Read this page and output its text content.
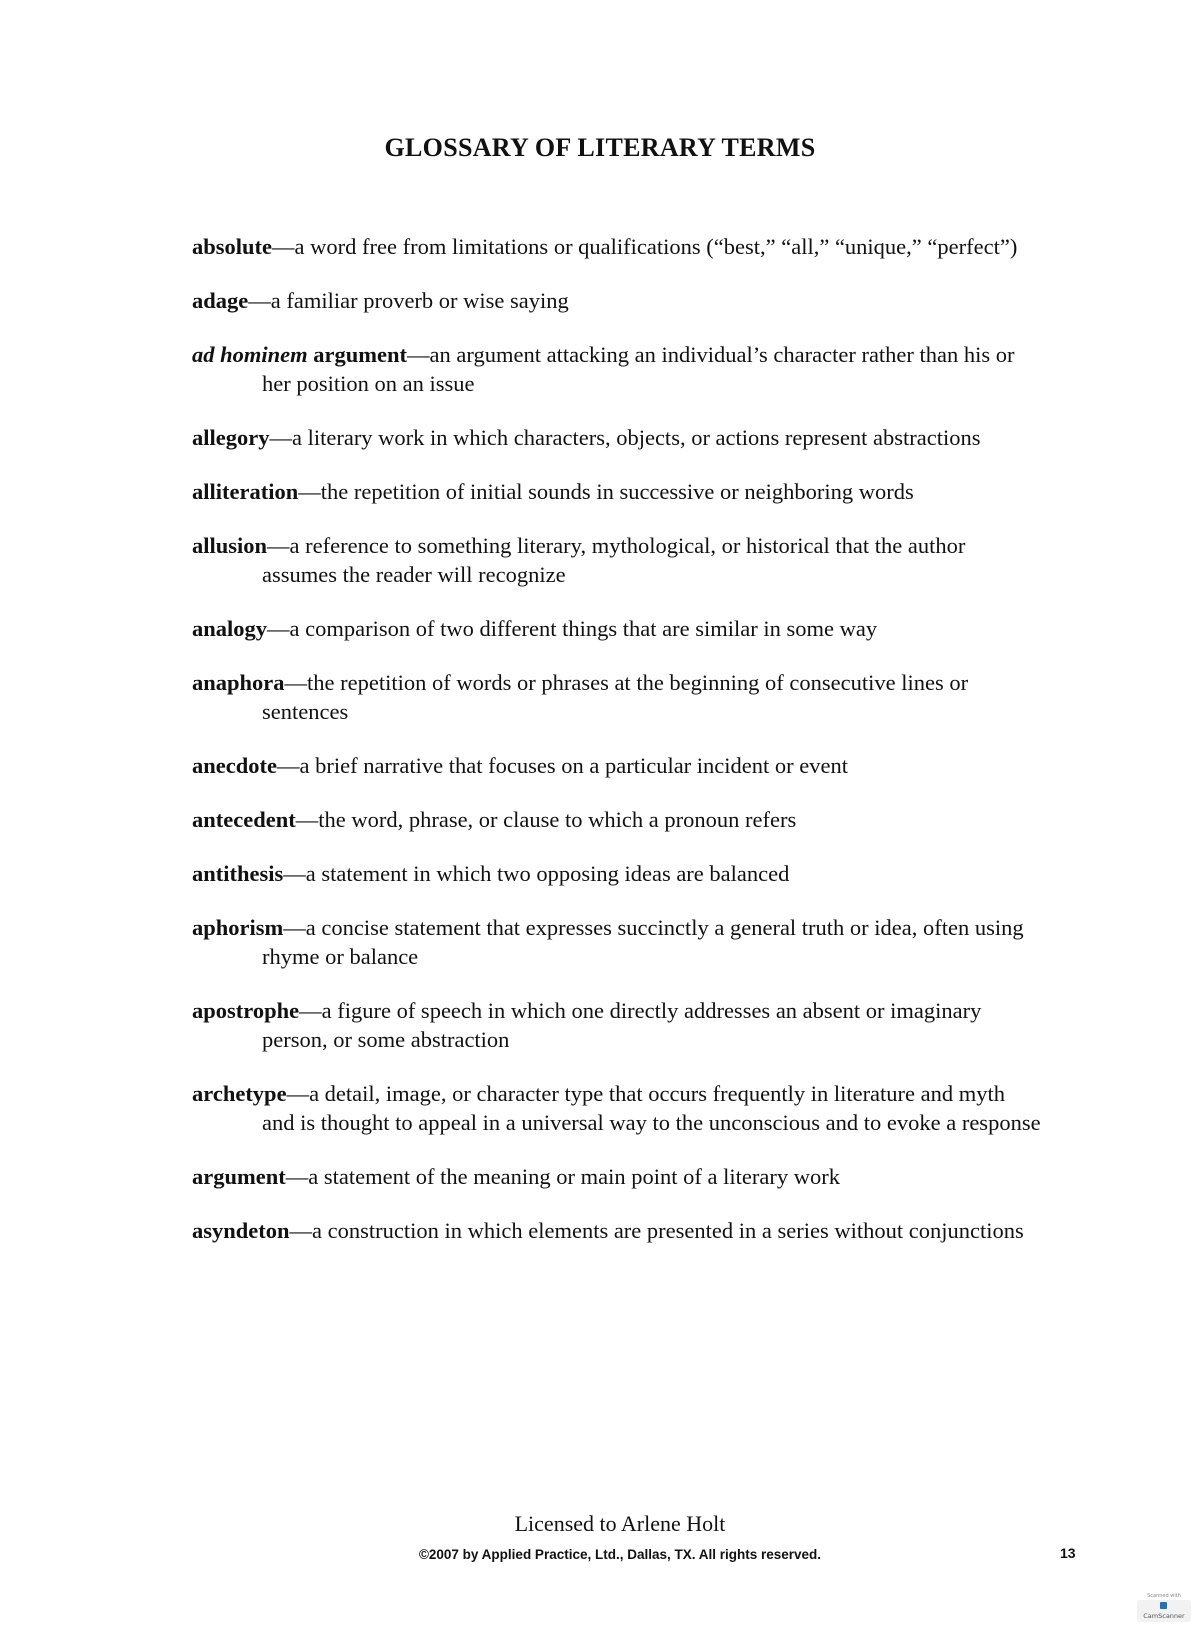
GLOSSARY OF LITERARY TERMS

absolute—a word free from limitations or qualifications (“best,” “all,” “unique,” “perfect”)

adage—a familiar proverb or wise saying

ad hominem argument—an argument attacking an individual’s character rather than his or her position on an issue

allegory—a literary work in which characters, objects, or actions represent abstractions

alliteration—the repetition of initial sounds in successive or neighboring words

allusion—a reference to something literary, mythological, or historical that the author assumes the reader will recognize

analogy—a comparison of two different things that are similar in some way

anaphora—the repetition of words or phrases at the beginning of consecutive lines or sentences

anecdote—a brief narrative that focuses on a particular incident or event

antecedent—the word, phrase, or clause to which a pronoun refers

antithesis—a statement in which two opposing ideas are balanced

aphorism—a concise statement that expresses succinctly a general truth or idea, often using rhyme or balance

apostrophe—a figure of speech in which one directly addresses an absent or imaginary person, or some abstraction

archetype—a detail, image, or character type that occurs frequently in literature and myth and is thought to appeal in a universal way to the unconscious and to evoke a response

argument—a statement of the meaning or main point of a literary work

asyndeton—a construction in which elements are presented in a series without conjunctions

Licensed to Arlene Holt
©2007 by Applied Practice, Ltd., Dallas, TX. All rights reserved.	13
Scanned with
CamScanner
